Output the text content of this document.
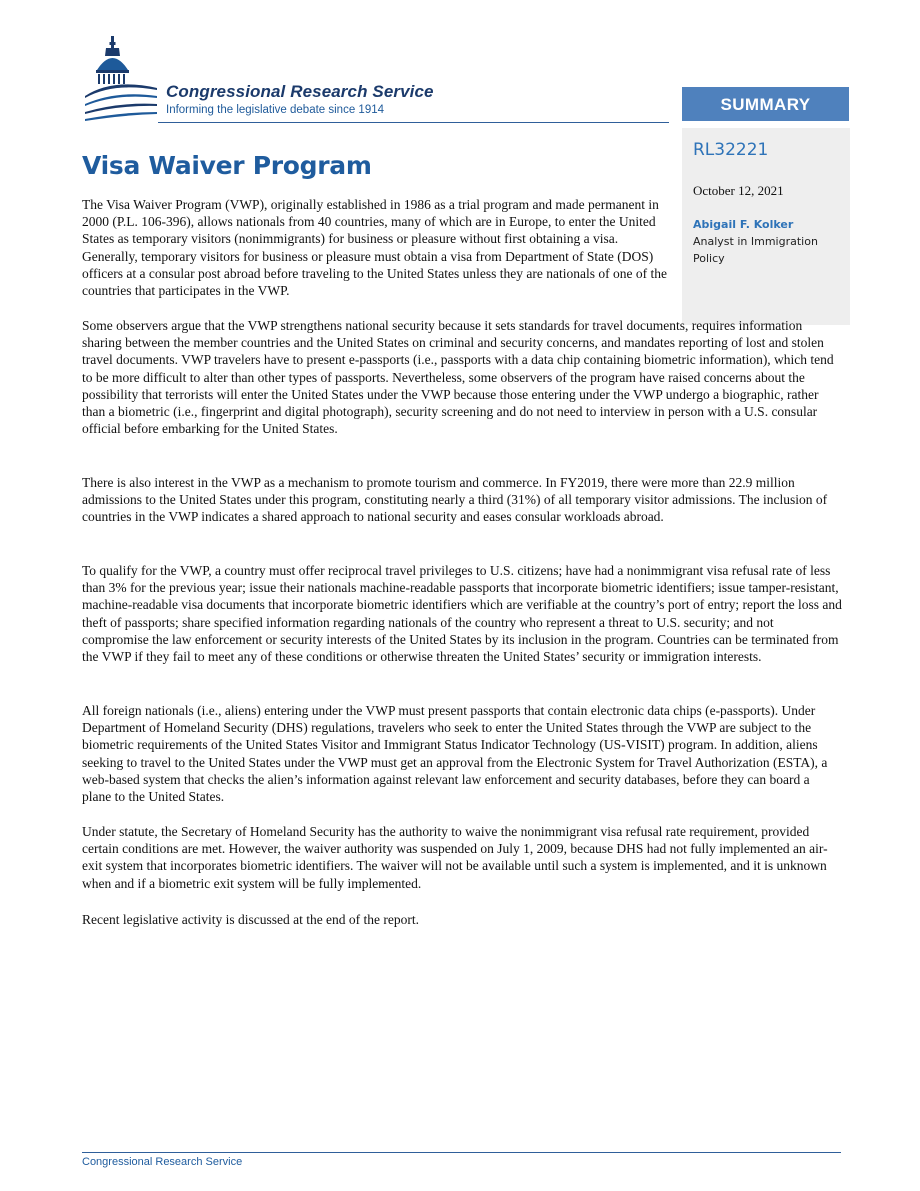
Congressional Research Service
Informing the legislative debate since 1914	SUMMARY
RL32221
October 12, 2021
Abigail F. Kolker
Analyst in Immigration Policy
Visa Waiver Program

The Visa Waiver Program (VWP), originally established in 1986 as a trial program and made permanent in 2000 (P.L. 106-396), allows nationals from 40 countries, many of which are in Europe, to enter the United States as temporary visitors (nonimmigrants) for business or pleasure without first obtaining a visa. Generally, temporary visitors for business or pleasure must obtain a visa from Department of State (DOS) officers at a consular post abroad before traveling to the United States unless they are nationals of one of the countries that participates in the VWP.

Some observers argue that the VWP strengthens national security because it sets standards for travel documents, requires information sharing between the member countries and the United States on criminal and security concerns, and mandates reporting of lost and stolen travel documents. VWP travelers have to present e-passports (i.e., passports with a data chip containing biometric information), which tend to be more difficult to alter than other types of passports. Nevertheless, some observers of the program have raised concerns about the possibility that terrorists will enter the United States under the VWP because those entering under the VWP undergo a biographic, rather than a biometric (i.e., fingerprint and digital photograph), security screening and do not need to interview in person with a U.S. consular official before embarking for the United States.

There is also interest in the VWP as a mechanism to promote tourism and commerce. In FY2019, there were more than 22.9 million admissions to the United States under this program, constituting nearly a third (31%) of all temporary visitor admissions. The inclusion of countries in the VWP indicates a shared approach to national security and eases consular workloads abroad.

To qualify for the VWP, a country must offer reciprocal travel privileges to U.S. citizens; have had a nonimmigrant visa refusal rate of less than 3% for the previous year; issue their nationals machine-readable passports that incorporate biometric identifiers; issue tamper-resistant, machine-readable visa documents that incorporate biometric identifiers which are verifiable at the country’s port of entry; report the loss and theft of passports; share specified information regarding nationals of the country who represent a threat to U.S. security; and not compromise the law enforcement or security interests of the United States by its inclusion in the program. Countries can be terminated from the VWP if they fail to meet any of these conditions or otherwise threaten the United States’ security or immigration interests.

All foreign nationals (i.e., aliens) entering under the VWP must present passports that contain electronic data chips (e-passports). Under Department of Homeland Security (DHS) regulations, travelers who seek to enter the United States through the VWP are subject to the biometric requirements of the United States Visitor and Immigrant Status Indicator Technology (US-VISIT) program. In addition, aliens seeking to travel to the United States under the VWP must get an approval from the Electronic System for Travel Authorization (ESTA), a web-based system that checks the alien’s information against relevant law enforcement and security databases, before they can board a plane to the United States.

Under statute, the Secretary of Homeland Security has the authority to waive the nonimmigrant visa refusal rate requirement, provided certain conditions are met. However, the waiver authority was suspended on July 1, 2009, because DHS had not fully implemented an air-exit system that incorporates biometric identifiers. The waiver will not be available until such a system is implemented, and it is unknown when and if a biometric exit system will be fully implemented.

Recent legislative activity is discussed at the end of the report.

Congressional Research Service
